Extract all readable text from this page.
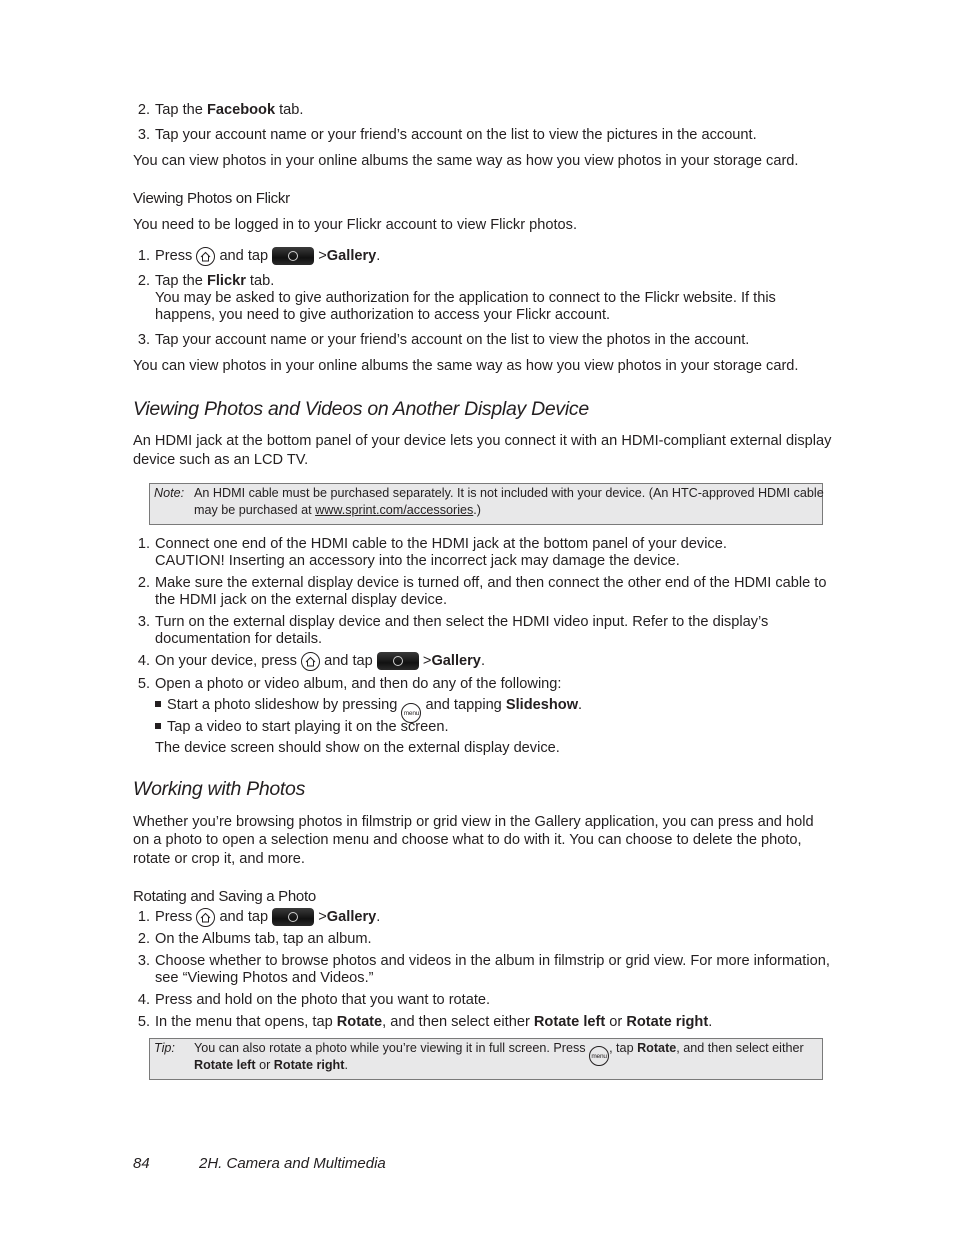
2. Tap the Facebook tab.
3. Tap your account name or your friend’s account on the list to view the pictures in the account.
You can view photos in your online albums the same way as how you view photos in your storage card.
Viewing Photos on Flickr
You need to be logged in to your Flickr account to view Flickr photos.
1. Press and tap	>Gallery.
2. Tap the Flickr tab.
You may be asked to give authorization for the application to connect to the Flickr website. If this
happens, you need to give authorization to access your Flickr account.
3. Tap your account name or your friend’s account on the list to view the photos in the account.
You can view photos in your online albums the same way as how you view photos in your storage card.
Viewing Photos and Videos on Another Display Device
An HDMI jack at the bottom panel of your device lets you connect it with an HDMI-compliant external display
device such as an LCD TV.
Note: An HDMI cable must be purchased separately. It is not included with your device. (An HTC-approved HDMI cable
may be purchased at www.sprint.com/accessories.)
1. Connect one end of the HDMI cable to the HDMI jack at the bottom panel of your device.
CAUTION! Inserting an accessory into the incorrect jack may damage the device.
2. Make sure the external display device is turned off, and then connect the other end of the HDMI cable to
the HDMI jack on the external display device.
3. Turn on the external display device and then select the HDMI video input. Refer to the display’s
documentation for details.
4. On your device, press and tap	>Gallery.
5. Open a photo or video album, and then do any of the following:
Start a photo slideshow by pressing menu and tapping Slideshow.
Tap a video to start playing it on the screen.
The device screen should show on the external display device.
Working with Photos
Whether you’re browsing photos in filmstrip or grid view in the Gallery application, you can press and hold
on a photo to open a selection menu and choose what to do with it. You can choose to delete the photo,
rotate or crop it, and more.
Rotating and Saving a Photo
1. Press and tap	>Gallery.
2. On the Albums tab, tap an album.
3. Choose whether to browse photos and videos in the album in filmstrip or grid view. For more information,
see “Viewing Photos and Videos.”
4. Press and hold on the photo that you want to rotate.
5. In the menu that opens, tap Rotate, and then select either Rotate left or Rotate right.
Tip: You can also rotate a photo while you’re viewing it in full screen. Press menu, tap Rotate, and then select either
Rotate left or Rotate right.
84	2H. Camera and Multimedia
